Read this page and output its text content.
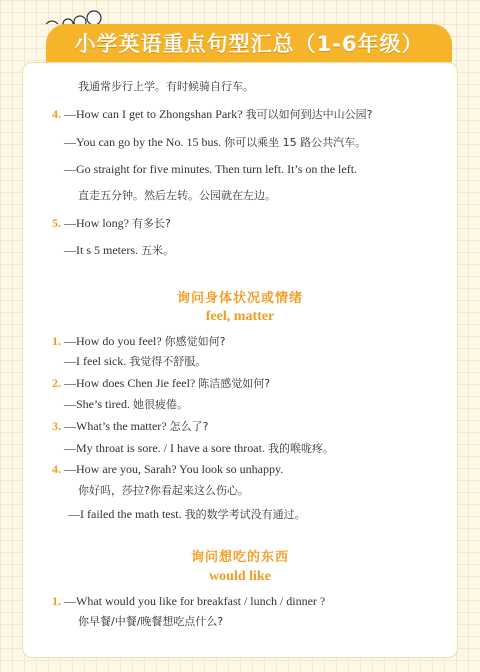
小学英语重点句型汇总（1-6年级）
我通常步行上学。有时候骑自行车。
4. —How can I get to Zhongshan Park? 我可以如何到达中山公园?
—You can go by the No. 15 bus. 你可以乘坐 15 路公共汽车。
—Go straight for five minutes. Then turn left. It’s on the left.
直走五分钟。然后左转。公园就在左边。
5. —How long? 有多长?
—It s 5 meters. 五米。
询问身体状况或情绪
feel, matter
1. —How do you feel? 你感觉如何?
—I feel sick. 我觉得不舒服。
2. —How does Chen Jie feel? 陈洁感觉如何?
—She’s tired. 她很疲倦。
3. —What’s the matter? 怎么了?
—My throat is sore. / I have a sore throat. 我的喉咙疼。
4. —How are you, Sarah? You look so unhappy.
你好吗，莎拉?你看起来这么伤心。
—I failed the math test. 我的数学考试没有通过。
询问想吃的东西
would like
1. —What would you like for breakfast / lunch / dinner ?
你早餐/中餐/晚餐想吃点什么?
